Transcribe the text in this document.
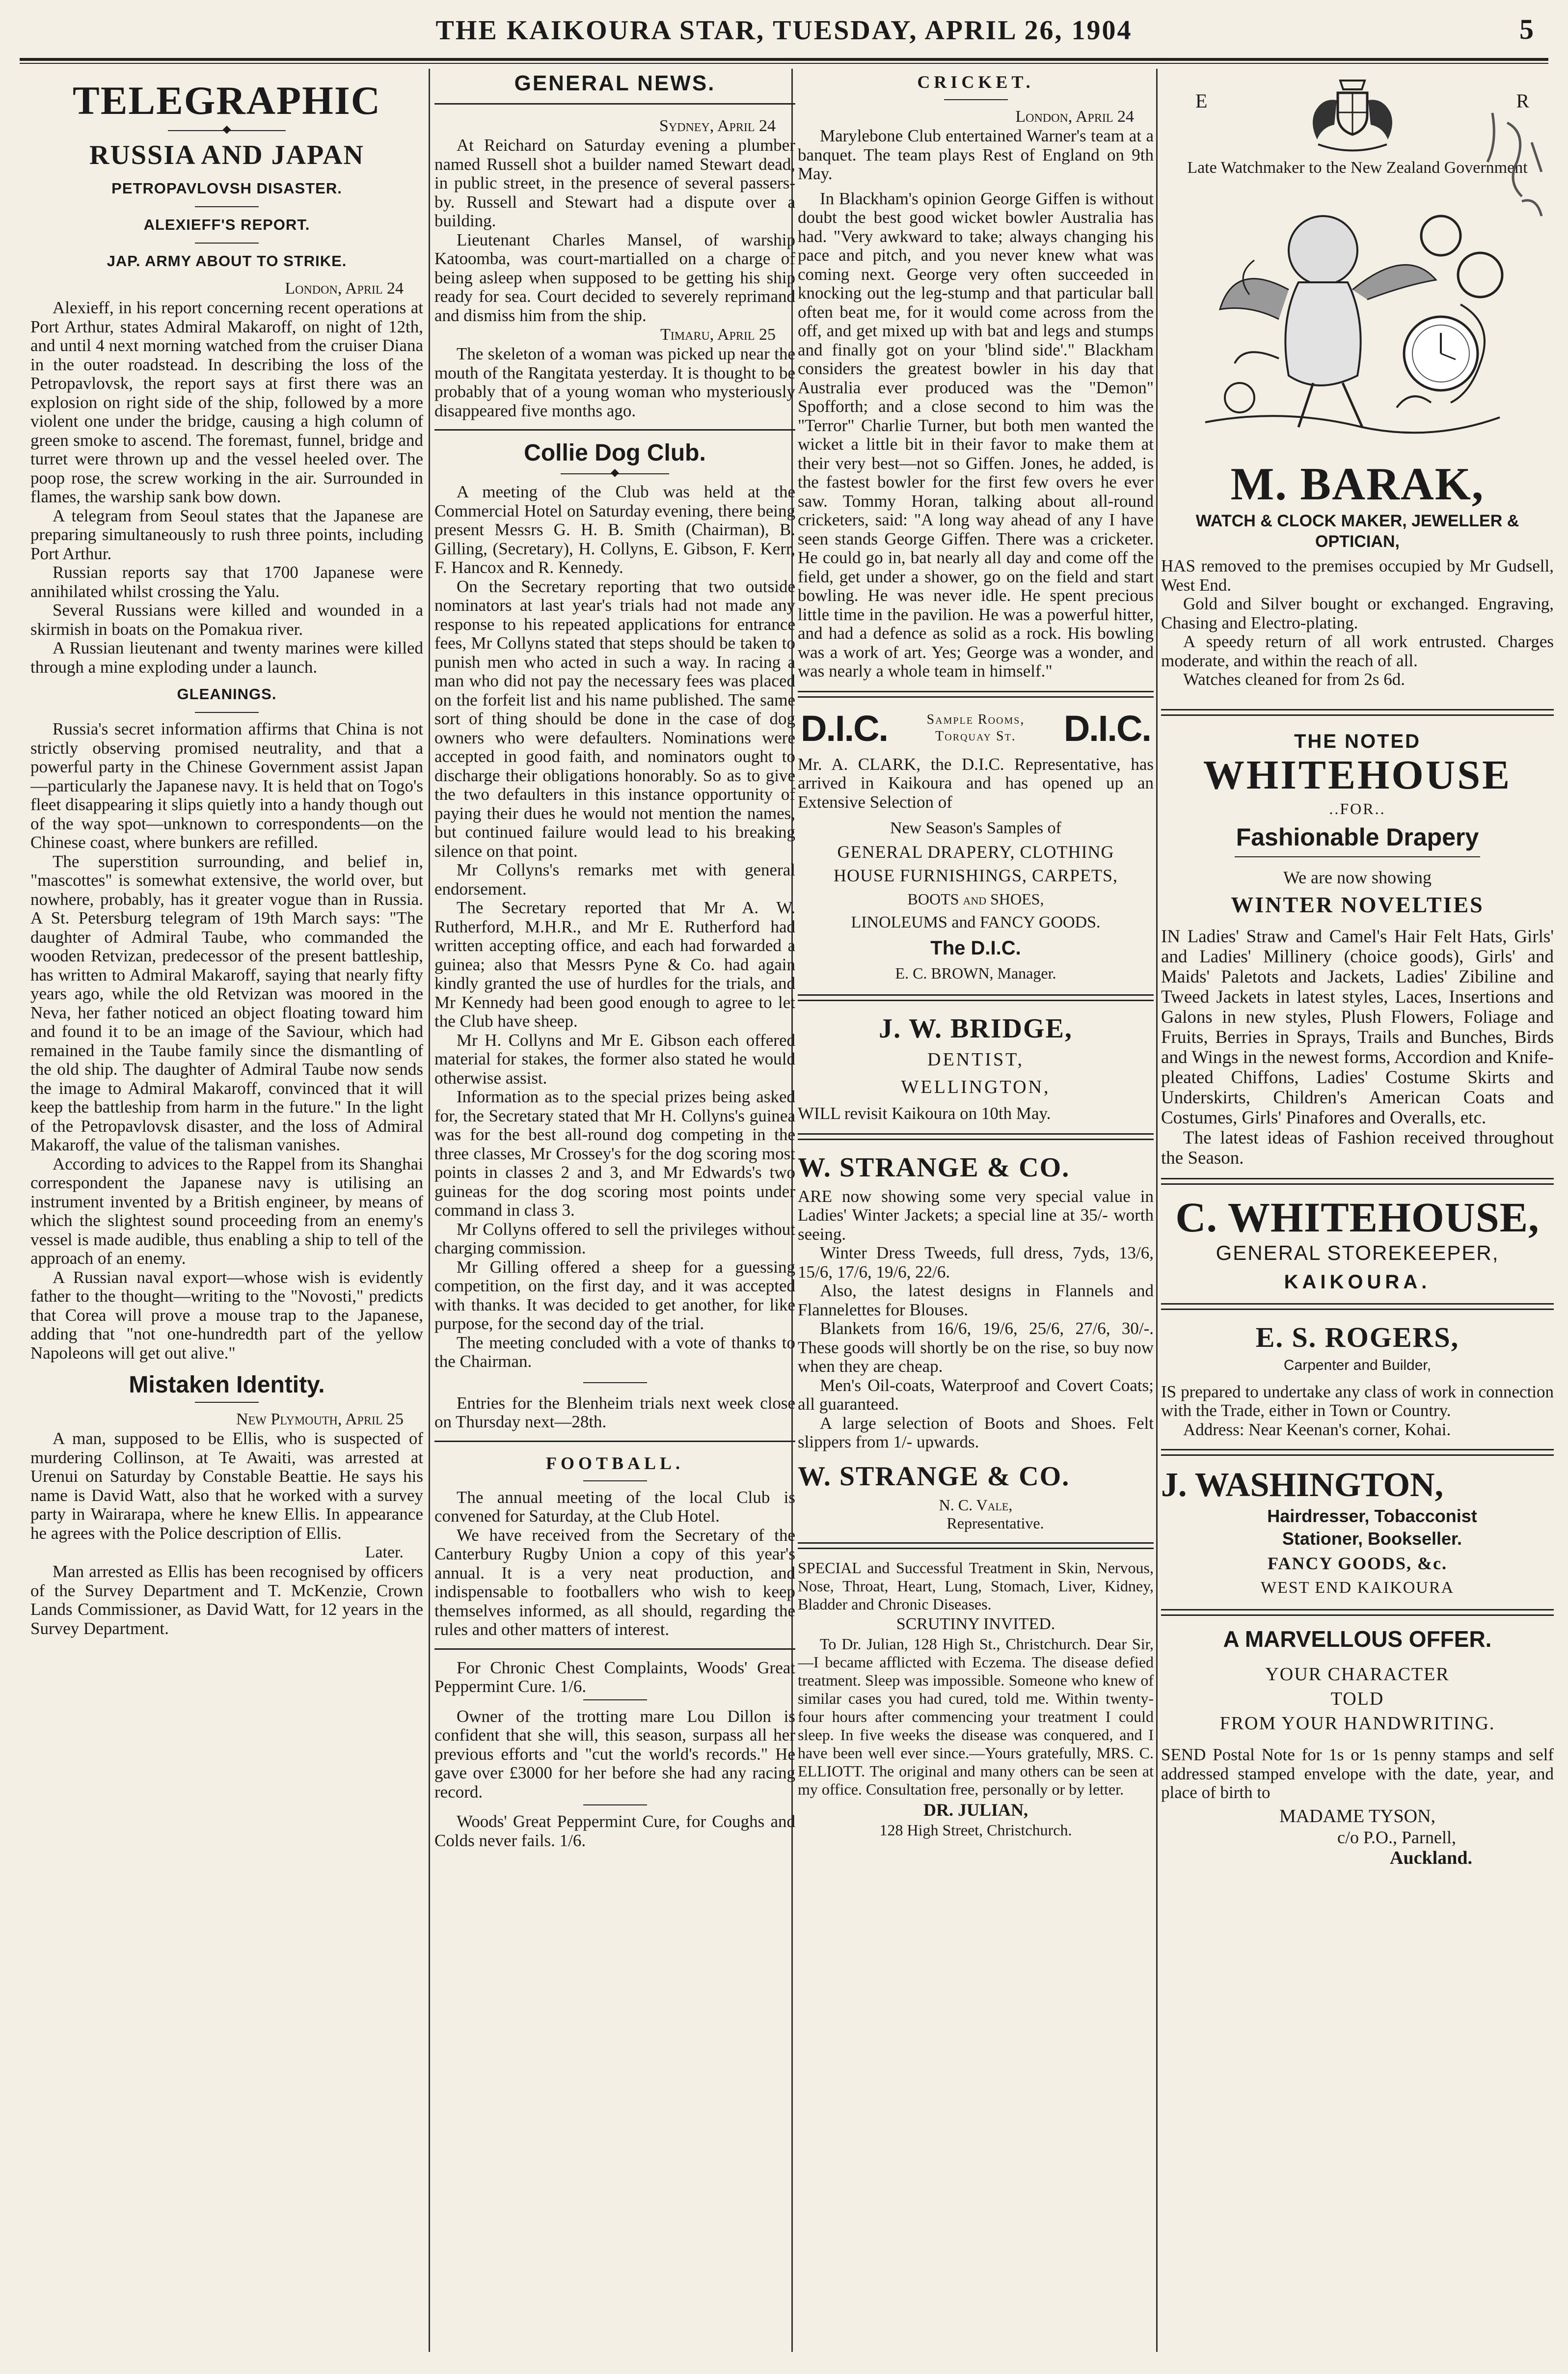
THE KAIKOURA STAR, TUESDAY, APRIL 26, 1904	5
TELEGRAPHIC
◆
RUSSIA AND JAPAN
PETROPAVLOVSH DISASTER.
ALEXIEFF'S REPORT.
JAP. ARMY ABOUT TO STRIKE.
London, April 24

Alexieff, in his report concerning recent operations at Port Arthur, states Admiral Makaroff, on night of 12th, and until 4 next morning watched from the cruiser Diana in the outer roadstead. In describing the loss of the Petropavlovsk, the report says at first there was an explosion on right side of the ship, followed by a more violent one under the bridge, causing a high column of green smoke to ascend. The foremast, funnel, bridge and turret were thrown up and the vessel heeled over. The poop rose, the screw working in the air. Surrounded in flames, the warship sank bow down.

A telegram from Seoul states that the Japanese are preparing simultaneously to rush three points, including Port Arthur.

Russian reports say that 1700 Japanese were annihilated whilst crossing the Yalu.

Several Russians were killed and wounded in a skirmish in boats on the Pomakua river.

A Russian lieutenant and twenty marines were killed through a mine exploding under a launch.

GLEANINGS.

Russia's secret information affirms that China is not strictly observing promised neutrality, and that a powerful party in the Chinese Government assist Japan—particularly the Japanese navy. It is held that on Togo's fleet disappearing it slips quietly into a handy though out of the way spot—unknown to correspondents—on the Chinese coast, where bunkers are refilled.

The superstition surrounding, and belief in, "mascottes" is somewhat extensive, the world over, but nowhere, probably, has it greater vogue than in Russia. A St. Petersburg telegram of 19th March says: "The daughter of Admiral Taube, who commanded the wooden Retvizan, predecessor of the present battleship, has written to Admiral Makaroff, saying that nearly fifty years ago, while the old Retvizan was moored in the Neva, her father noticed an object floating toward him and found it to be an image of the Saviour, which had remained in the Taube family since the dismantling of the old ship. The daughter of Admiral Taube now sends the image to Admiral Makaroff, convinced that it will keep the battleship from harm in the future." In the light of the Petropavlovsk disaster, and the loss of Admiral Makaroff, the value of the talisman vanishes.

According to advices to the Rappel from its Shanghai correspondent the Japanese navy is utilising an instrument invented by a British engineer, by means of which the slightest sound proceeding from an enemy's vessel is made audible, thus enabling a ship to tell of the approach of an enemy.

A Russian naval export—whose wish is evidently father to the thought—writing to the "Novosti," predicts that Corea will prove a mouse trap to the Japanese, adding that "not one-hundredth part of the yellow Napoleons will get out alive."

Mistaken Identity.
New Plymouth, April 25

A man, supposed to be Ellis, who is suspected of murdering Collinson, at Te Awaiti, was arrested at Urenui on Saturday by Constable Beattie. He says his name is David Watt, also that he worked with a survey party in Wairarapa, where he knew Ellis. In appearance he agrees with the Police description of Ellis.

Later.

Man arrested as Ellis has been recognised by officers of the Survey Department and T. McKenzie, Crown Lands Commissioner, as David Watt, for 12 years in the Survey Department.

GENERAL NEWS.
Sydney, April 24

At Reichard on Saturday evening a plumber named Russell shot a builder named Stewart dead, in public street, in the presence of several passers-by. Russell and Stewart had a dispute over a building.

Lieutenant Charles Mansel, of warship Katoomba, was court-martialled on a charge of being asleep when supposed to be getting his ship ready for sea. Court decided to severely reprimand and dismiss him from the ship.

Timaru, April 25

The skeleton of a woman was picked up near the mouth of the Rangitata yesterday. It is thought to be probably that of a young woman who mysteriously disappeared five months ago.

Collie Dog Club.
◆

A meeting of the Club was held at the Commercial Hotel on Saturday evening, there being present Messrs G. H. B. Smith (Chairman), B. Gilling, (Secretary), H. Collyns, E. Gibson, F. Kerr, F. Hancox and R. Kennedy.

On the Secretary reporting that two outside nominators at last year's trials had not made any response to his repeated applications for entrance fees, Mr Collyns stated that steps should be taken to punish men who acted in such a way. In racing a man who did not pay the necessary fees was placed on the forfeit list and his name published. The same sort of thing should be done in the case of dog owners who were defaulters. Nominations were accepted in good faith, and nominators ought to discharge their obligations honorably. So as to give the two defaulters in this instance opportunity of paying their dues he would not mention the names, but continued failure would lead to his breaking silence on that point.

Mr Collyns's remarks met with general endorsement.

The Secretary reported that Mr A. W. Rutherford, M.H.R., and Mr E. Rutherford had written accepting office, and each had forwarded a guinea; also that Messrs Pyne & Co. had again kindly granted the use of hurdles for the trials, and Mr Kennedy had been good enough to agree to let the Club have sheep.

Mr H. Collyns and Mr E. Gibson each offered material for stakes, the former also stated he would otherwise assist.

Information as to the special prizes being asked for, the Secretary stated that Mr H. Collyns's guinea was for the best all-round dog competing in the three classes, Mr Crossey's for the dog scoring most points in classes 2 and 3, and Mr Edwards's two guineas for the dog scoring most points under command in class 3.

Mr Collyns offered to sell the privileges without charging commission.

Mr Gilling offered a sheep for a guessing competition, on the first day, and it was accepted with thanks. It was decided to get another, for like purpose, for the second day of the trial.

The meeting concluded with a vote of thanks to the Chairman.

Entries for the Blenheim trials next week close on Thursday next—28th.

FOOTBALL.

The annual meeting of the local Club is convened for Saturday, at the Club Hotel.

We have received from the Secretary of the Canterbury Rugby Union a copy of this year's annual. It is a very neat production, and indispensable to footballers who wish to keep themselves informed, as all should, regarding the rules and other matters of interest.

For Chronic Chest Complaints, Woods' Great Peppermint Cure. 1/6.

Owner of the trotting mare Lou Dillon is confident that she will, this season, surpass all her previous efforts and "cut the world's records." He gave over £3000 for her before she had any racing record.

Woods' Great Peppermint Cure, for Coughs and Colds never fails. 1/6.

CRICKET.
London, April 24

Marylebone Club entertained Warner's team at a banquet. The team plays Rest of England on 9th May.

In Blackham's opinion George Giffen is without doubt the best good wicket bowler Australia has had. "Very awkward to take; always changing his pace and pitch, and you never knew what was coming next. George very often succeeded in knocking out the leg-stump and that particular ball often beat me, for it would come across from the off, and get mixed up with bat and legs and stumps and finally got on your 'blind side'." Blackham considers the greatest bowler in his day that Australia ever produced was the "Demon" Spofforth; and a close second to him was the "Terror" Charlie Turner, but both men wanted the wicket a little bit in their favor to make them at their very best—not so Giffen. Jones, he added, is the fastest bowler for the first few overs he ever saw. Tommy Horan, talking about all-round cricketers, said: "A long way ahead of any I have seen stands George Giffen. There was a cricketer. He could go in, bat nearly all day and come off the field, get under a shower, go on the field and start bowling. He was never idle. He spent precious little time in the pavilion. He was a powerful hitter, and had a defence as solid as a rock. His bowling was a work of art. Yes; George was a wonder, and was nearly a whole team in himself."

D.I.C.	Sample Rooms,
Torquay St. D.I.C.

Mr. A. CLARK, the D.I.C. Representative, has arrived in Kaikoura and has opened up an Extensive Selection of

New Season's Samples of
GENERAL DRAPERY, CLOTHING
HOUSE FURNISHINGS, CARPETS,
BOOTS and SHOES,
LINOLEUMS and FANCY GOODS.
The D.I.C.
E. C. BROWN, Manager.
J. W. BRIDGE,
DENTIST,
WELLINGTON,

WILL revisit Kaikoura on 10th May.

W. STRANGE & CO.

ARE now showing some very special value in Ladies' Winter Jackets; a special line at 35/- worth seeing.

Winter Dress Tweeds, full dress, 7yds, 13/6, 15/6, 17/6, 19/6, 22/6.

Also, the latest designs in Flannels and Flannelettes for Blouses.

Blankets from 16/6, 19/6, 25/6, 27/6, 30/-. These goods will shortly be on the rise, so buy now when they are cheap.

Men's Oil-coats, Waterproof and Covert Coats; all guaranteed.

A large selection of Boots and Shoes. Felt slippers from 1/- upwards.

W. STRANGE & CO.
N. C. Vale,
Representative.

SPECIAL and Successful Treatment in Skin, Nervous, Nose, Throat, Heart, Lung, Stomach, Liver, Kidney, Bladder and Chronic Diseases.

SCRUTINY INVITED.

To Dr. Julian, 128 High St., Christchurch. Dear Sir,—I became afflicted with Eczema. The disease defied treatment. Sleep was impossible. Someone who knew of similar cases you had cured, told me. Within twenty-four hours after commencing your treatment I could sleep. In five weeks the disease was conquered, and I have been well ever since.—Yours gratefully, MRS. C. ELLIOTT. The original and many others can be seen at my office. Consultation free, personally or by letter.

DR. JULIAN,
128 High Street, Christchurch.
E	R
Late Watchmaker to the New Zealand Government
M. BARAK,
WATCH & CLOCK MAKER, JEWELLER & OPTICIAN,

HAS removed to the premises occupied by Mr Gudsell, West End.

Gold and Silver bought or exchanged. Engraving, Chasing and Electro-plating.

A speedy return of all work entrusted. Charges moderate, and within the reach of all.

Watches cleaned for from 2s 6d.

THE NOTED
WHITEHOUSE
..FOR..
Fashionable Drapery
We are now showing
WINTER NOVELTIES

IN Ladies' Straw and Camel's Hair Felt Hats, Girls' and Ladies' Millinery (choice goods), Girls' and Maids' Paletots and Jackets, Ladies' Zibiline and Tweed Jackets in latest styles, Laces, Insertions and Galons in new styles, Plush Flowers, Foliage and Fruits, Berries in Sprays, Trails and Bunches, Birds and Wings in the newest forms, Accordion and Knife-pleated Chiffons, Ladies' Costume Skirts and Underskirts, Children's American Coats and Costumes, Girls' Pinafores and Overalls, etc.

The latest ideas of Fashion received throughout the Season.

C. WHITEHOUSE,
GENERAL STOREKEEPER,
KAIKOURA.
E. S. ROGERS,
Carpenter and Builder,

IS prepared to undertake any class of work in connection with the Trade, either in Town or Country.

Address: Near Keenan's corner, Kohai.

J. WASHINGTON,
Hairdresser, Tobacconist
Stationer, Bookseller.
FANCY GOODS, &c.
WEST END KAIKOURA
A MARVELLOUS OFFER.
YOUR CHARACTER
TOLD
FROM YOUR HANDWRITING.

SEND Postal Note for 1s or 1s penny stamps and self addressed stamped envelope with the date, year, and place of birth to

MADAME TYSON,
c/o P.O., Parnell,
Auckland.
